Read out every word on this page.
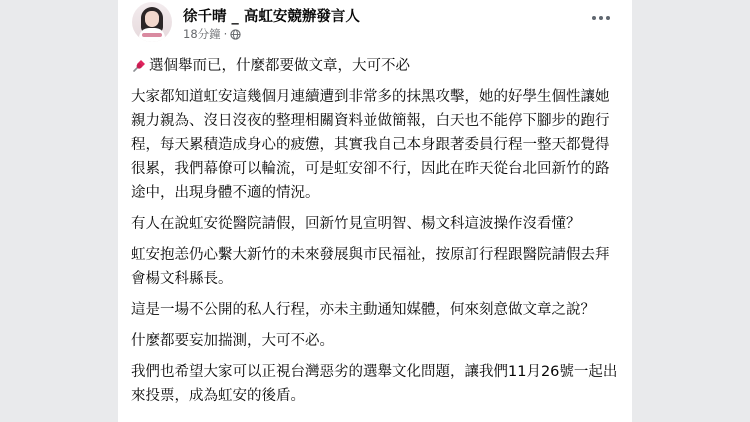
徐千晴 _ 高虹安競辦發言人
18分鐘 ·

選個舉而已，什麼都要做文章，大可不必

大家都知道虹安這幾個月連續遭到非常多的抹黑攻擊，她的好學生個性讓她親力親為、沒日沒夜的整理相關資料並做簡報，白天也不能停下腳步的跑行程，每天累積造成身心的疲憊，其實我自己本身跟著委員行程一整天都覺得很累，我們幕僚可以輪流，可是虹安卻不行，因此在昨天從台北回新竹的路途中，出現身體不適的情況。

有人在說虹安從醫院請假，回新竹見宣明智、楊文科這波操作沒看懂？

虹安抱恙仍心繫大新竹的未來發展與市民福祉，按原訂行程跟醫院請假去拜會楊文科縣長。

這是一場不公開的私人行程，亦未主動通知媒體，何來刻意做文章之說？

什麼都要妄加揣測，大可不必。

我們也希望大家可以正視台灣惡劣的選舉文化問題，讓我們11月26號一起出來投票，成為虹安的後盾。
